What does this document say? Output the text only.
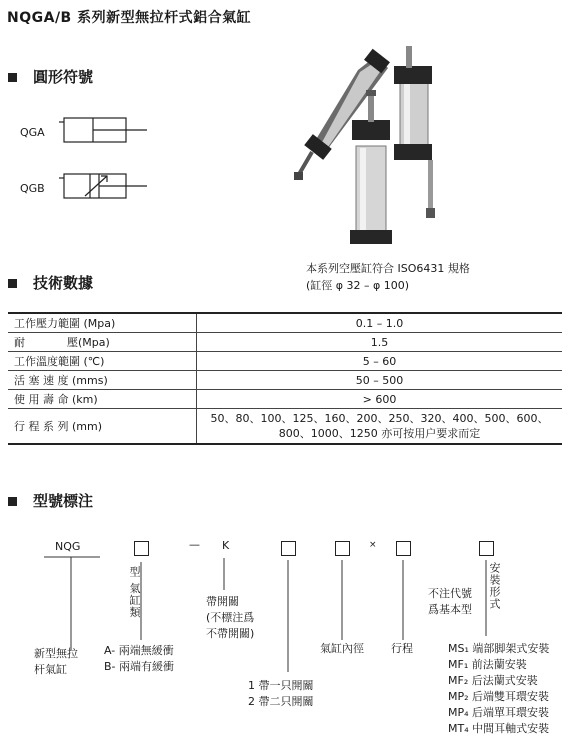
NQGA/B 系列新型無拉杆式鋁合氣缸
圓形符號
QGA
QGB
本系列空壓缸符合 ISO6431 規格
(缸徑 φ 32 – φ 100)
技術數據
工作壓力範圍 (Mpa)	0.1 – 1.0
耐            壓(Mpa)	1.5
工作溫度範圍 (℃)	5 – 60
活 塞 速 度 (mms)	50 – 500
使 用 壽 命 (km)	> 600
行 程 系 列 (mm)	50、80、100、125、160、200、250、320、400、500、600、
800、1000、1250 亦可按用户要求而定
型號標注
NQG	— K	×
型 氣缸類
新型無拉
杆氣缸
A- 兩端無緩衝
B- 兩端有緩衝
帶開關
(不標注爲
不帶開關)
1 帶一只開關
2 帶二只開關
氣缸內徑 行程
安裝形式
不注代號
爲基本型
MS₁ 端部脚架式安裝
MF₁ 前法蘭安裝
MF₂ 后法蘭式安裝
MP₂ 后端雙耳環安裝
MP₄ 后端單耳環安裝
MT₄ 中間耳軸式安裝
